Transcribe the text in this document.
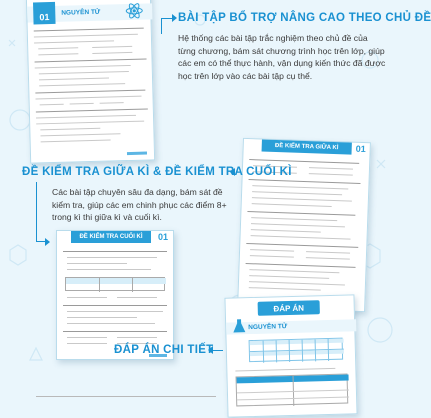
01	NGUYÊN TỬ	BÀI TẬP BỔ TRỢ NÂNG CAO THEO CHỦ ĐỀ
Hệ thống các bài tập trắc nghiệm theo chủ đề của từng chương, bám sát chương trình học trên lớp, giúp các em có thể thực hành, vận dụng kiến thức đã được học trên lớp vào các bài tập cụ thể.
ĐỀ KIỂM TRA GIỮA KÌ	01
ĐỀ KIỂM TRA GIỮA KÌ & ĐỀ KIỂM TRA CUỐI KÌ
Các bài tập chuyên sâu đa dạng, bám sát đề kiểm tra, giúp các em chinh phục các điểm 8+ trong kì thi giữa kì và cuối kì.
ĐỀ KIỂM TRA CUỐI KÌ	01
ĐÁP ÁN
NGUYÊN TỬ
ĐÁP ÁN CHI TIẾT
